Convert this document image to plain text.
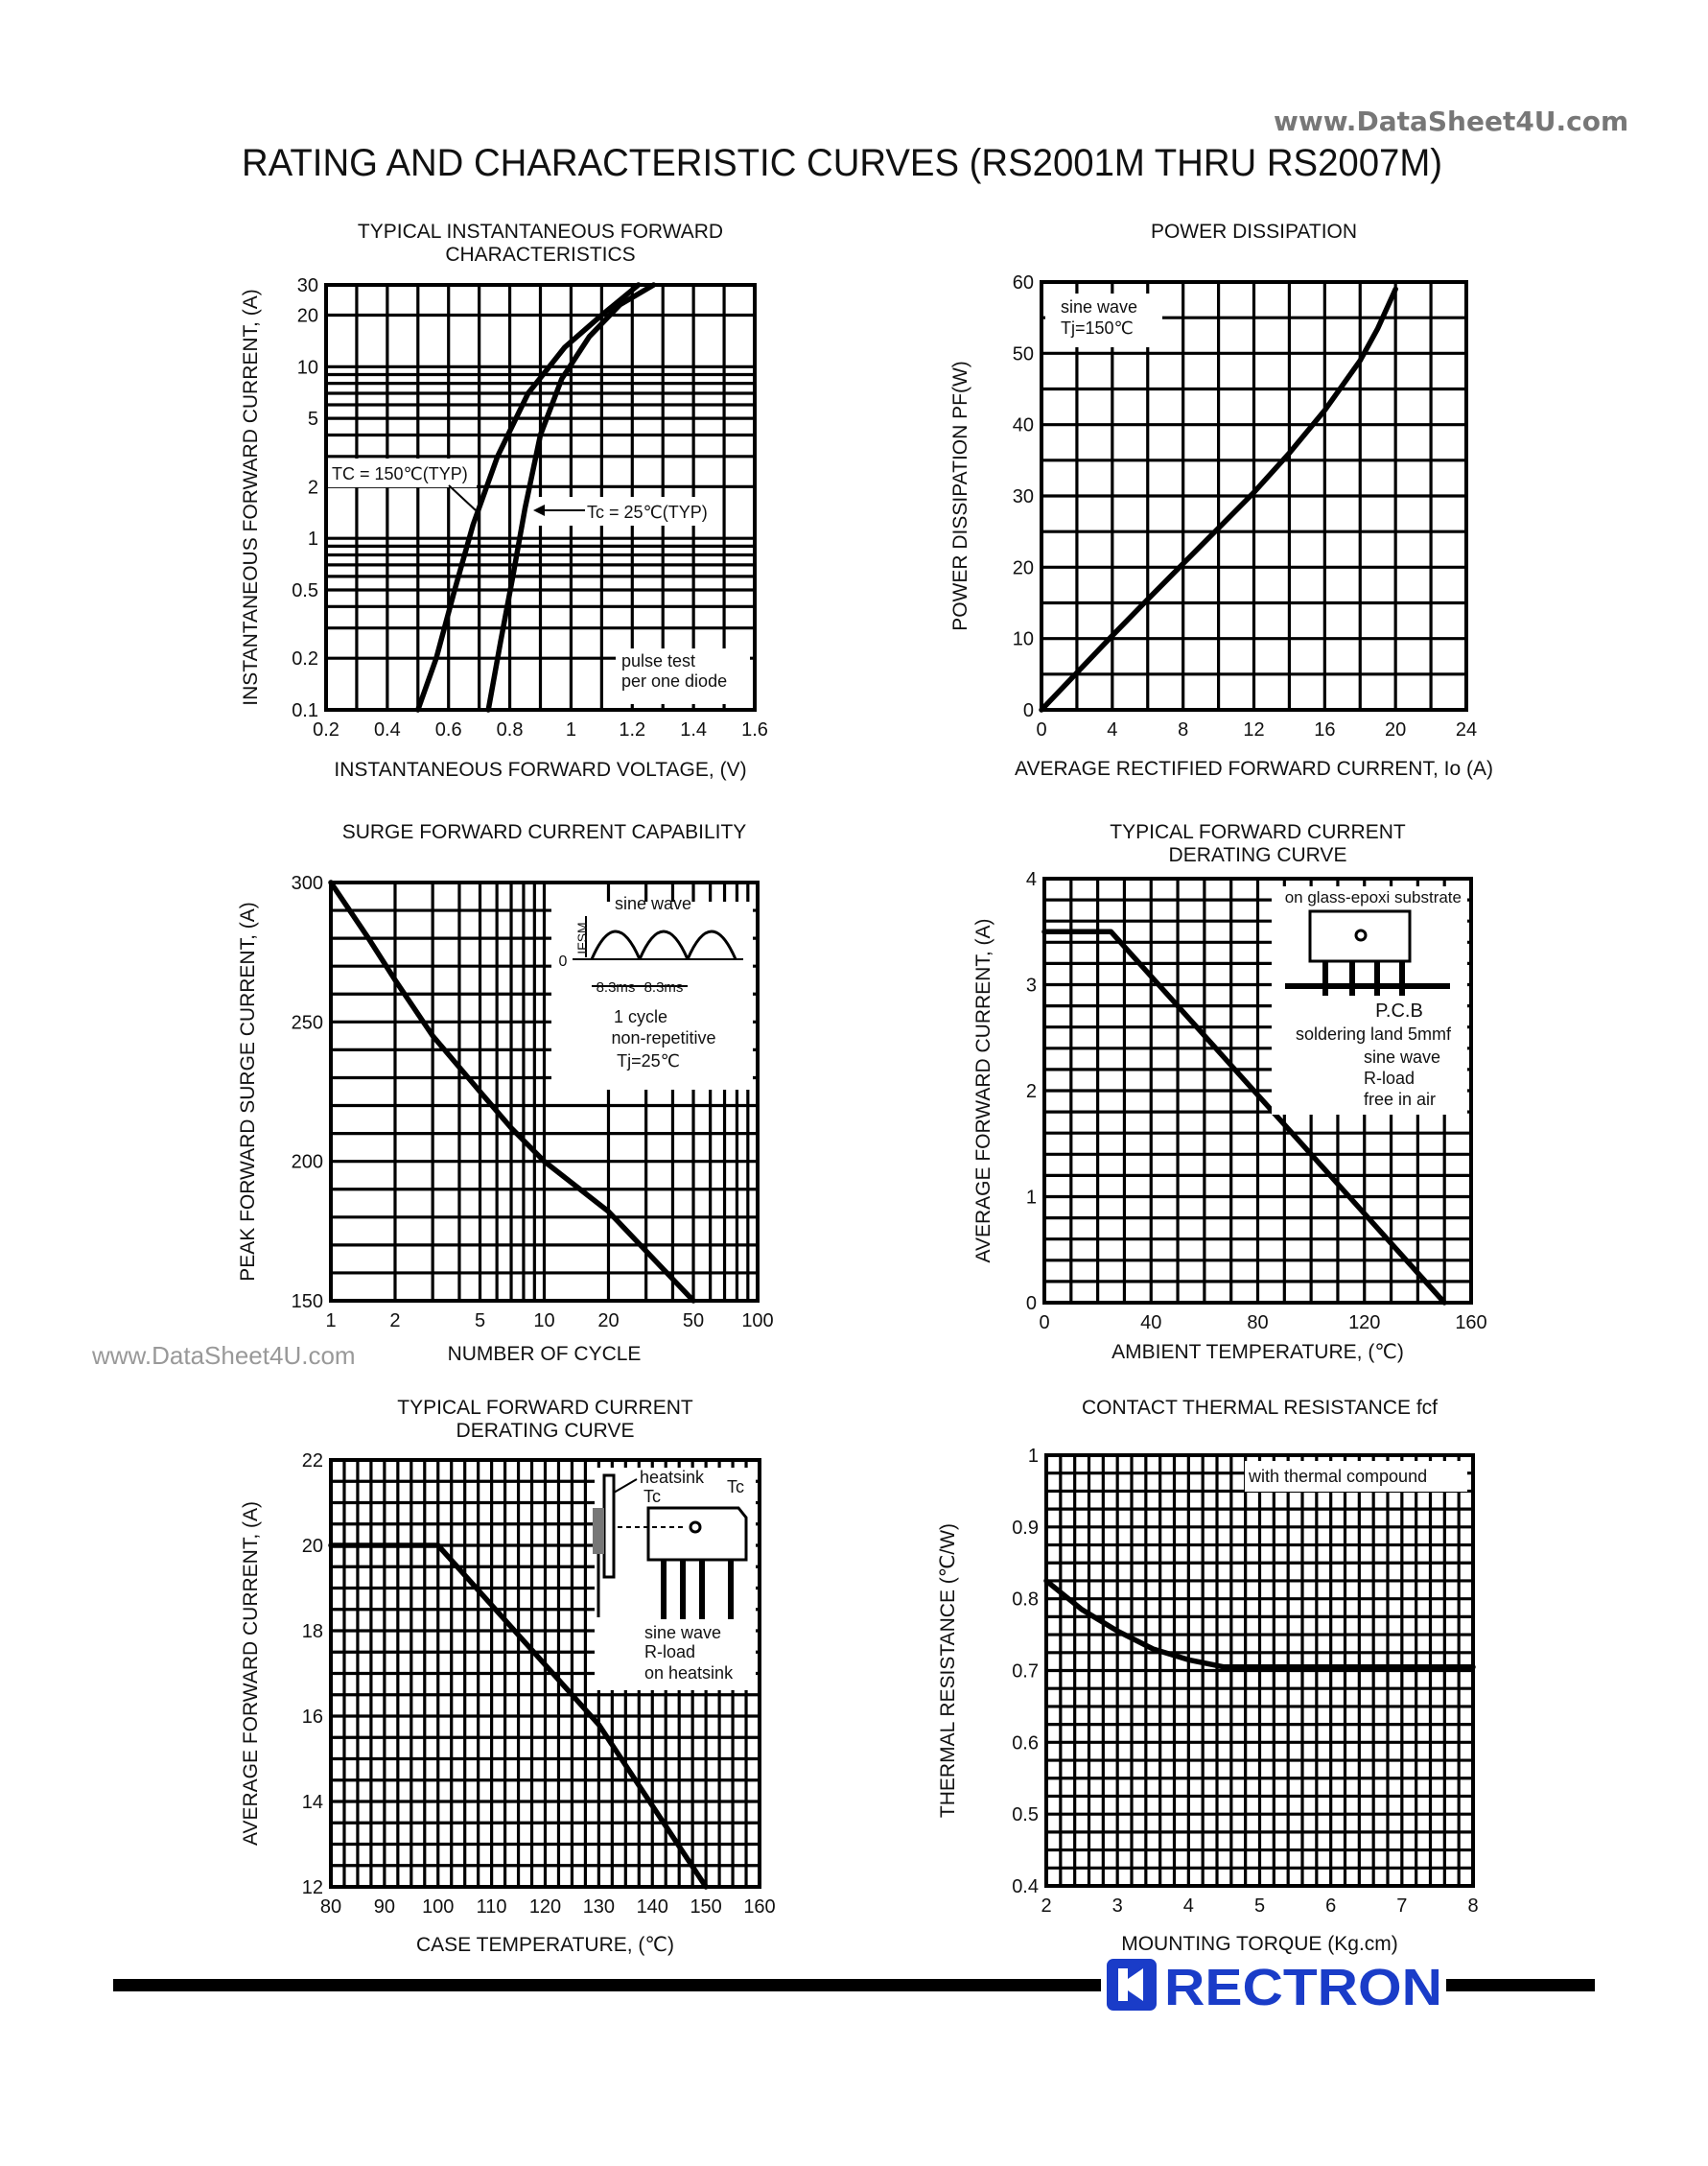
www.DataSheet4U.com
RATING AND CHARACTERISTIC CURVES (RS2001M THRU RS2007M)
www.DataSheet4U.com
TYPICAL INSTANTANEOUS FORWARD
CHARACTERISTICS
0.2 0.4 0.6 0.8 1 1.2 1.4 1.6
0.1
0.2
0.5
1
2
5
10
20
30
INSTANTANEOUS FORWARD VOLTAGE, (V)
INSTANTANEOUS FORWARD CURRENT, (A)
POWER DISSIPATION
0	4	8	12	16	20	24
0
10
20
30
40
50
60
AVERAGE RECTIFIED FORWARD CURRENT, Io (A)
POWER DISSIPATION PF(W)
SURGE FORWARD CURRENT CAPABILITY
1	2	5	10 20	50 100
150
200
250
300
NUMBER OF CYCLE
PEAK FORWARD SURGE CURRENT, (A)
TYPICAL FORWARD CURRENT
DERATING CURVE
0	40	80	120	160
0
1
2
3
4
AMBIENT TEMPERATURE, (℃)
AVERAGE FORWARD CURRENT, (A)
TYPICAL FORWARD CURRENT
DERATING CURVE
80 90 100 110 120 130 140 150 160
12
14
16
18
20
22
CASE TEMPERATURE, (℃)
AVERAGE FORWARD CURRENT, (A)
CONTACT THERMAL RESISTANCE fcf
2	3	4	5	6	7	8
0.4
0.5
0.6
0.7
0.8
0.9
1
MOUNTING TORQUE (Kg.cm)
THERMAL RESISTANCE (℃/W)
TC = 150℃(TYP)
Tc = 25℃(TYP)
pulse test
per one diode
sine wave
Tj=150℃
sine wave
IFSM
0
8.3ms 8.3ms
1 cycle
non-repetitive
Tj=25℃
on glass-epoxi substrate
P.C.B
soldering land 5mmf
sine wave
R-load
free in air
heatsink
Tc	Tc
sine wave
R-load
on heatsink
with thermal compound
RECTRON
